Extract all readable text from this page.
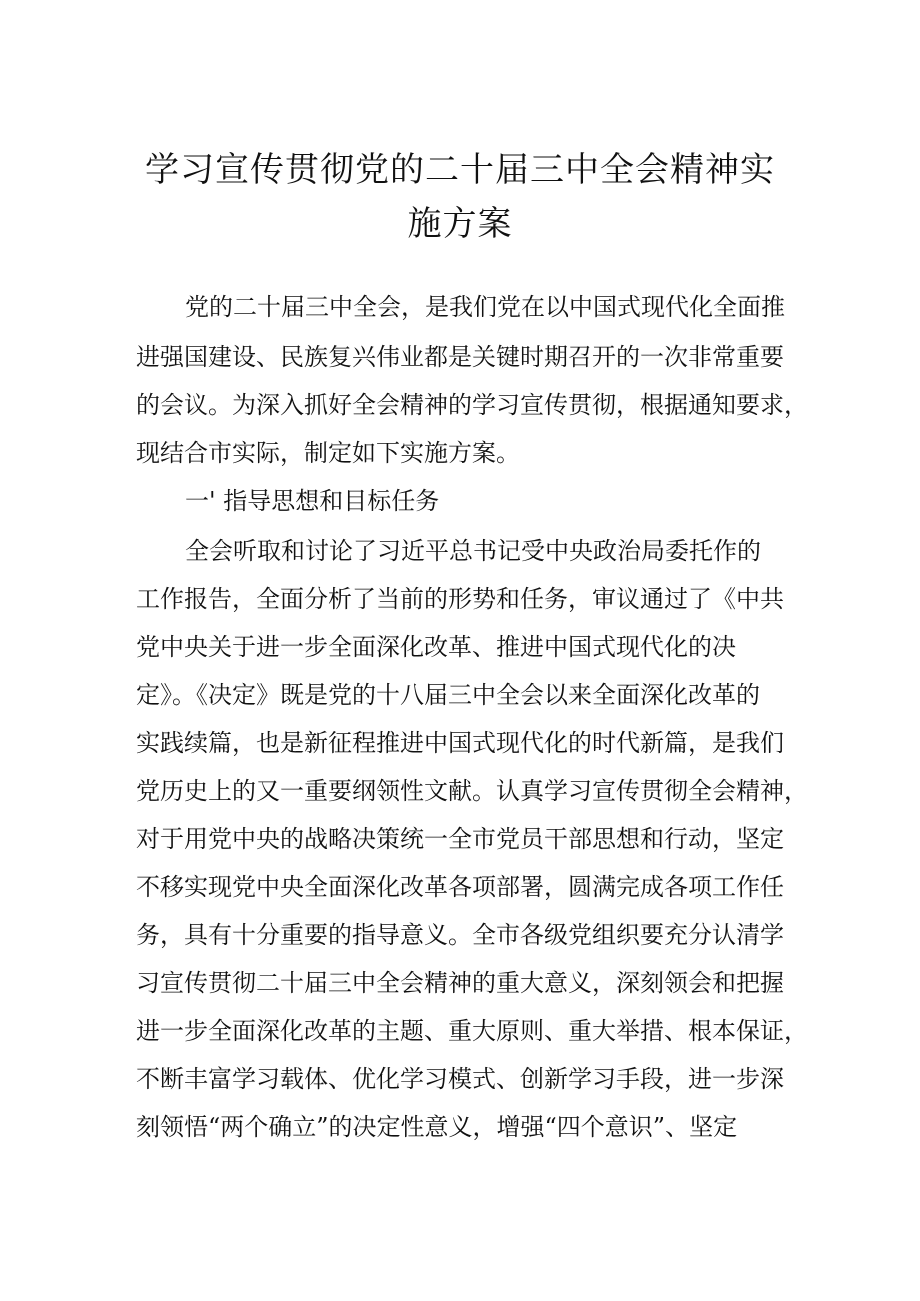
学习宣传贯彻党的二十届三中全会精神实
施方案
党的二十届三中全会，是我们党在以中国式现代化全面推
进强国建设、民族复兴伟业都是关键时期召开的一次非常重要
的会议。为深入抓好全会精神的学习宣传贯彻，根据通知要求，
现结合市实际，制定如下实施方案。
一' 指导思想和目标任务
全会听取和讨论了习近平总书记受中央政治局委托作的
工作报告，全面分析了当前的形势和任务，审议通过了《中共
党中央关于进一步全面深化改革、推进中国式现代化的决
定》。《决定》既是党的十八届三中全会以来全面深化改革的
实践续篇，也是新征程推进中国式现代化的时代新篇，是我们
党历史上的又一重要纲领性文献。认真学习宣传贯彻全会精神，
对于用党中央的战略决策统一全市党员干部思想和行动，坚定
不移实现党中央全面深化改革各项部署，圆满完成各项工作任
务，具有十分重要的指导意义。全市各级党组织要充分认清学
习宣传贯彻二十届三中全会精神的重大意义，深刻领会和把握
进一步全面深化改革的主题、重大原则、重大举措、根本保证，
不断丰富学习载体、优化学习模式、创新学习手段，进一步深
刻领悟“两个确立”的决定性意义，增强“四个意识”、坚定
